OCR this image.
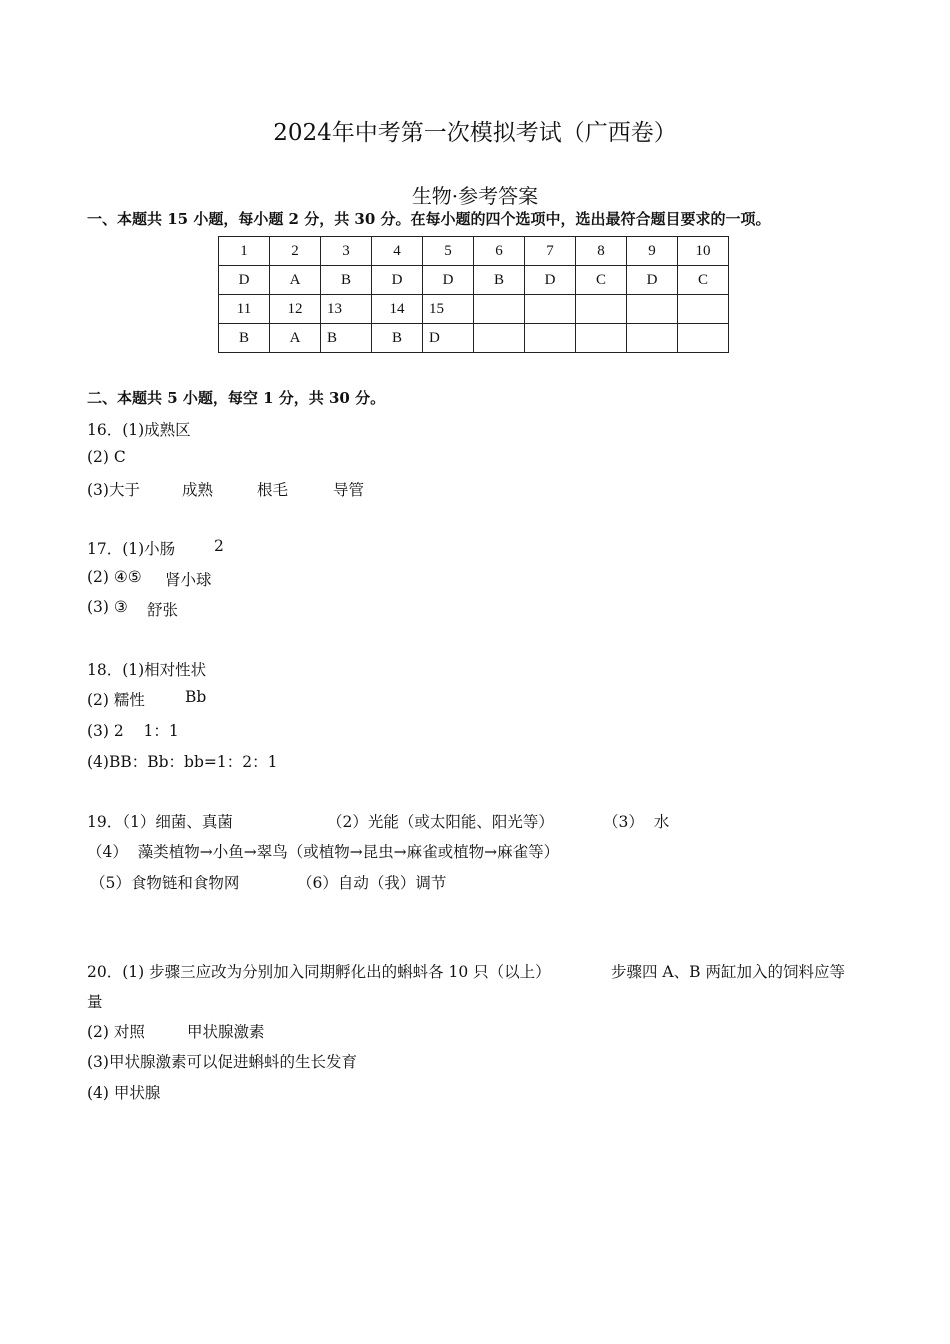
2024年中考第一次模拟考试（广西卷）
生物·参考答案
一、本题共 15 小题，每小题 2 分，共 30 分。在每小题的四个选项中，选出最符合题目要求的一项。
1	2	3	4	5	6	7	8	9	10
D	A	B	D	D	B	D	C	D	C
11	12	13	14	15					
B	A	B	B	D					
二、本题共 5 小题，每空 1 分，共 30 分。
16．(1)成熟区
(2) C
(3)大于	成熟	根毛	导管
17．(1)小肠	2
(2) ④⑤ 肾小球
(3) ③ 舒张
18．(1)相对性状
(2) 糯性	Bb
(3) 2    1：1
(4)BB：Bb：bb=1：2：1
19．（1）细菌、真菌	（2）光能（或太阳能、阳光等）	（3）  水
（4）  藻类植物→小鱼→翠鸟（或植物→昆虫→麻雀或植物→麻雀等）
（5）食物链和食物网	（6）自动（我）调节
20．(1) 步骤三应改为分别加入同期孵化出的蝌蚪各 10 只（以上）	步骤四 A、B 两缸加入的饲料应等
量
(2) 对照	甲状腺激素
(3)甲状腺激素可以促进蝌蚪的生长发育
(4) 甲状腺
